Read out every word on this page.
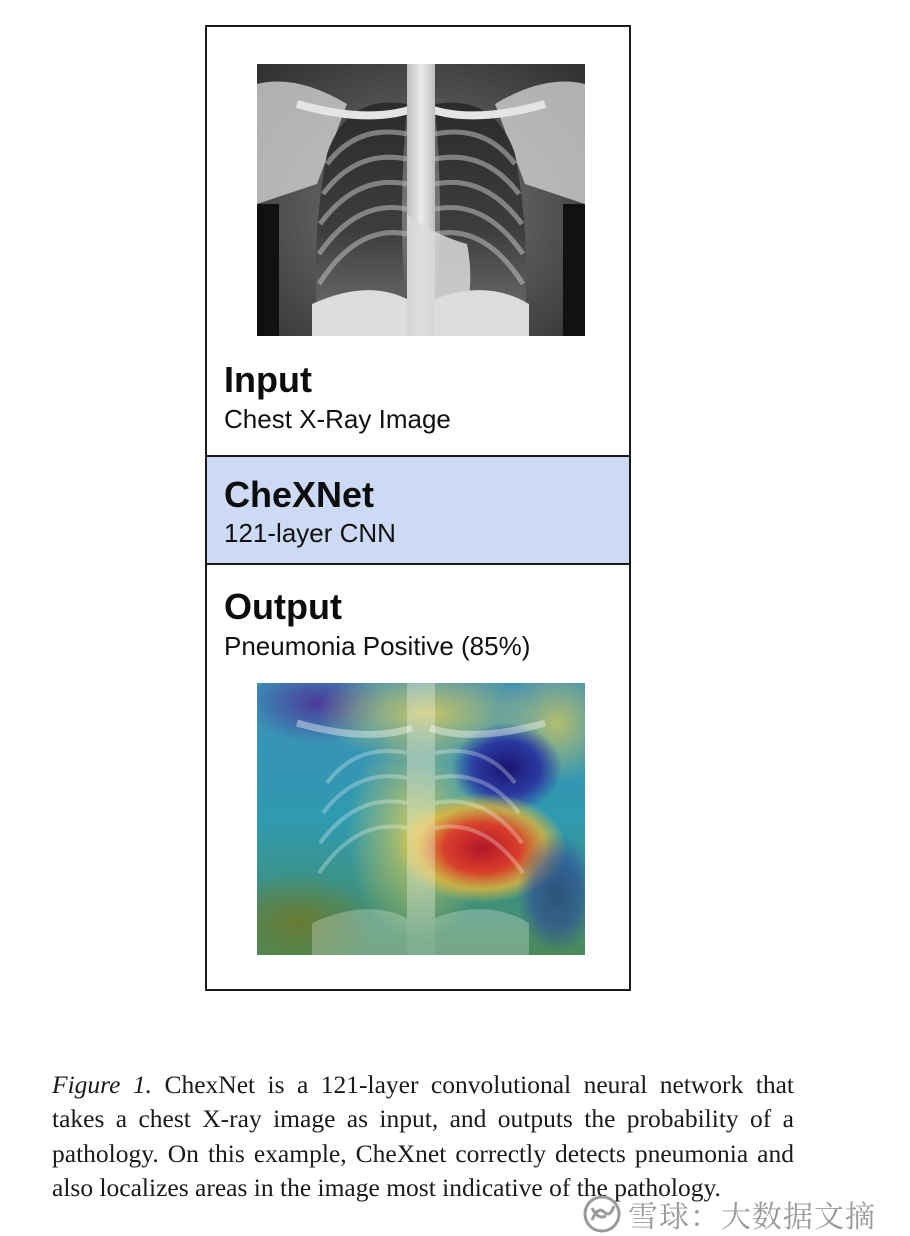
Input
Chest X-Ray Image
CheXNet
121-layer CNN
Output
Pneumonia Positive (85%)

Figure 1. ChexNet is a 121-layer convolutional neural network that takes a chest X-ray image as input, and outputs the probability of a pathology. On this example, CheXnet correctly detects pneumonia and also localizes areas in the image most indicative of the pathology.

雪球：大数据文摘
